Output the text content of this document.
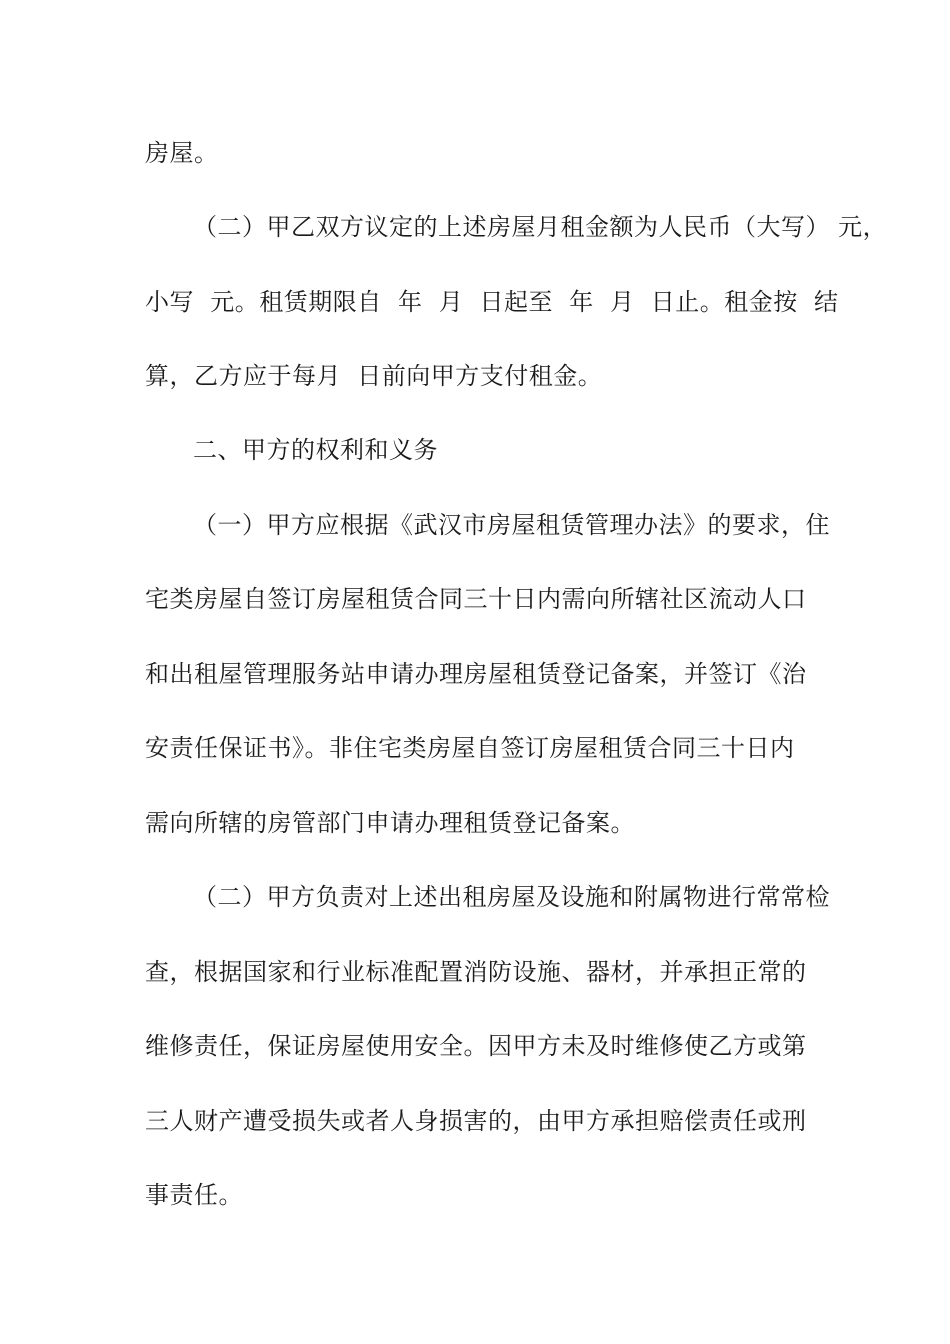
房屋。
（二）甲乙双方议定的上述房屋月租金额为人民币（大写） 元，
小写  元。租赁期限自  年  月  日起至  年  月  日止。租金按  结
算，乙方应于每月  日前向甲方支付租金。
二、甲方的权利和义务
（一）甲方应根据《武汉市房屋租赁管理办法》的要求，住
宅类房屋自签订房屋租赁合同三十日内需向所辖社区流动人口
和出租屋管理服务站申请办理房屋租赁登记备案，并签订《治
安责任保证书》。非住宅类房屋自签订房屋租赁合同三十日内
需向所辖的房管部门申请办理租赁登记备案。
（二）甲方负责对上述出租房屋及设施和附属物进行常常检
查，根据国家和行业标准配置消防设施、器材，并承担正常的
维修责任，保证房屋使用安全。因甲方未及时维修使乙方或第
三人财产遭受损失或者人身损害的，由甲方承担赔偿责任或刑
事责任。
